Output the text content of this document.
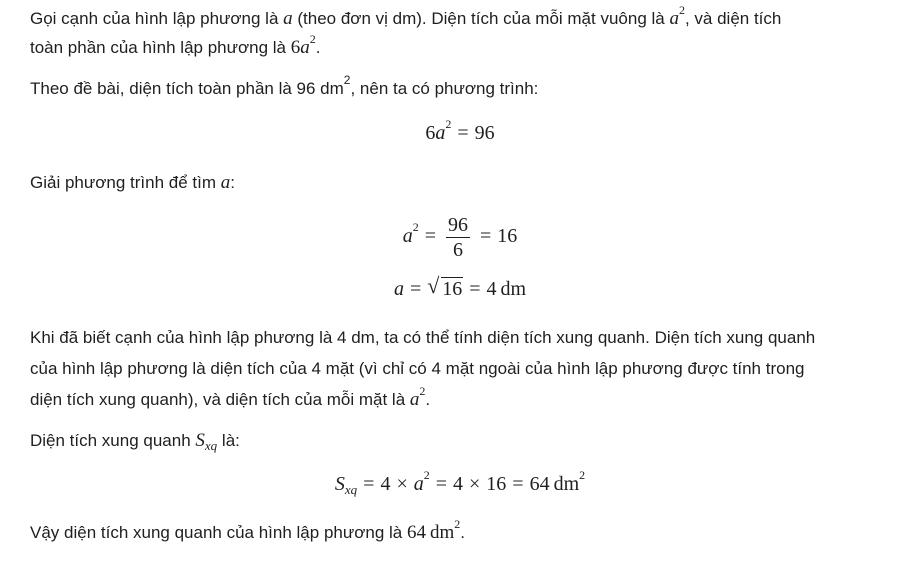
Gọi cạnh của hình lập phương là a (theo đơn vị dm). Diện tích của mỗi mặt vuông là $a^2$, và diện tích
toàn phần của hình lập phương là $6a^2$.
Theo đề bài, diện tích toàn phần là 96 $dm^2$, nên ta có phương trình:
$6a^2 = 96$
Giải phương trình để tìm a:
$a^2 = \frac{96}{6} = 16$
a = √ 16 = 4 dm
Khi đã biết cạnh của hình lập phương là 4 dm, ta có thể tính diện tích xung quanh. Diện tích xung quanh
của hình lập phương là diện tích của 4 mặt (vì chỉ có 4 mặt ngoài của hình lập phương được tính trong
diện tích xung quanh), và diện tích của mỗi mặt là $a^2$.
Diện tích xung quanh $S_{xq}$ là:
$S_{xq} = 4 \times a^2 = 4 \times 16 = 64$ $dm^2$
Vậy diện tích xung quanh của hình lập phương là 64 $dm^2$.
